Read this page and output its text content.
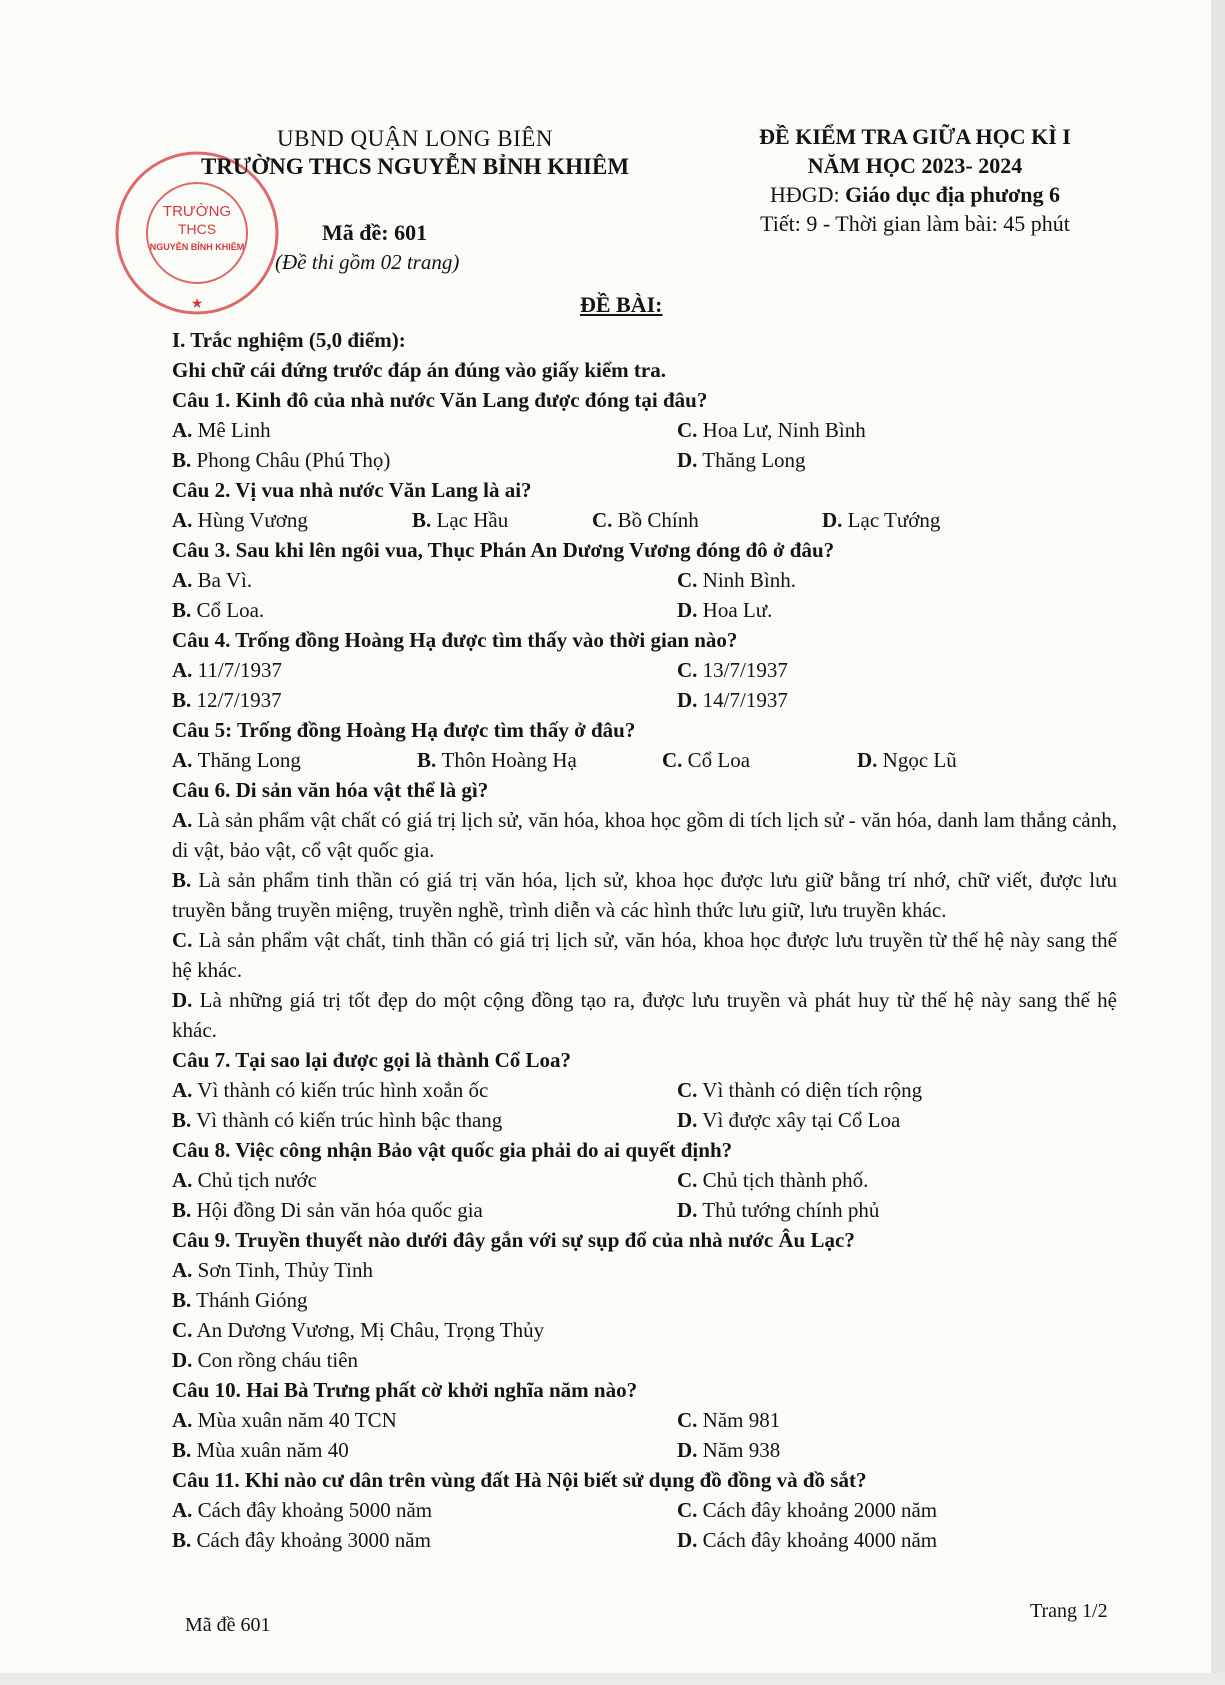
TRƯỜNG
THCS
NGUYỄN BỈNH KHIÊM
★
UBND QUẬN LONG BIÊN
TRƯỜNG THCS NGUYỄN BỈNH KHIÊM
ĐỀ KIỂM TRA GIỮA HỌC KÌ I
NĂM HỌC 2023- 2024
HĐGD: Giáo dục địa phương 6
Tiết: 9 - Thời gian làm bài: 45 phút
Mã đề: 601
(Đề thi gồm 02 trang)
ĐỀ BÀI:
I. Trắc nghiệm (5,0 điểm):
Ghi chữ cái đứng trước đáp án đúng vào giấy kiểm tra.
Câu 1. Kinh đô của nhà nước Văn Lang được đóng tại đâu?
A. Mê Linh	C. Hoa Lư, Ninh Bình
B. Phong Châu (Phú Thọ)	D. Thăng Long
Câu 2. Vị vua nhà nước Văn Lang là ai?
A. Hùng Vương	B. Lạc Hầu	C. Bồ Chính	D. Lạc Tướng
Câu 3. Sau khi lên ngôi vua, Thục Phán An Dương Vương đóng đô ở đâu?
A. Ba Vì.	C. Ninh Bình.
B. Cổ Loa.	D. Hoa Lư.
Câu 4. Trống đồng Hoàng Hạ được tìm thấy vào thời gian nào?
A. 11/7/1937	C. 13/7/1937
B. 12/7/1937	D. 14/7/1937
Câu 5: Trống đồng Hoàng Hạ được tìm thấy ở đâu?
A. Thăng Long	B. Thôn Hoàng Hạ	C. Cổ Loa	D. Ngọc Lũ
Câu 6. Di sản văn hóa vật thể là gì?
A. Là sản phẩm vật chất có giá trị lịch sử, văn hóa, khoa học gồm di tích lịch sử - văn hóa, danh lam thắng cảnh, di vật, bảo vật, cổ vật quốc gia.
B. Là sản phẩm tinh thần có giá trị văn hóa, lịch sử, khoa học được lưu giữ bằng trí nhớ, chữ viết, được lưu truyền bằng truyền miệng, truyền nghề, trình diễn và các hình thức lưu giữ, lưu truyền khác.
C. Là sản phẩm vật chất, tinh thần có giá trị lịch sử, văn hóa, khoa học được lưu truyền từ thế hệ này sang thế hệ khác.
D. Là những giá trị tốt đẹp do một cộng đồng tạo ra, được lưu truyền và phát huy từ thế hệ này sang thế hệ khác.
Câu 7. Tại sao lại được gọi là thành Cổ Loa?
A. Vì thành có kiến trúc hình xoắn ốc	C. Vì thành có diện tích rộng
B. Vì thành có kiến trúc hình bậc thang	D. Vì được xây tại Cổ Loa
Câu 8. Việc công nhận Bảo vật quốc gia phải do ai quyết định?
A. Chủ tịch nước	C. Chủ tịch thành phố.
B. Hội đồng Di sản văn hóa quốc gia	D. Thủ tướng chính phủ
Câu 9. Truyền thuyết nào dưới đây gắn với sự sụp đổ của nhà nước Âu Lạc?
A. Sơn Tinh, Thủy Tinh
B. Thánh Gióng
C. An Dương Vương, Mị Châu, Trọng Thủy
D. Con rồng cháu tiên
Câu 10. Hai Bà Trưng phất cờ khởi nghĩa năm nào?
A. Mùa xuân năm 40 TCN	C. Năm 981
B. Mùa xuân năm 40	D. Năm 938
Câu 11. Khi nào cư dân trên vùng đất Hà Nội biết sử dụng đồ đồng và đồ sắt?
A. Cách đây khoảng 5000 năm	C. Cách đây khoảng 2000 năm
B. Cách đây khoảng 3000 năm	D. Cách đây khoảng 4000 năm
Mã đề 601
Trang 1/2
